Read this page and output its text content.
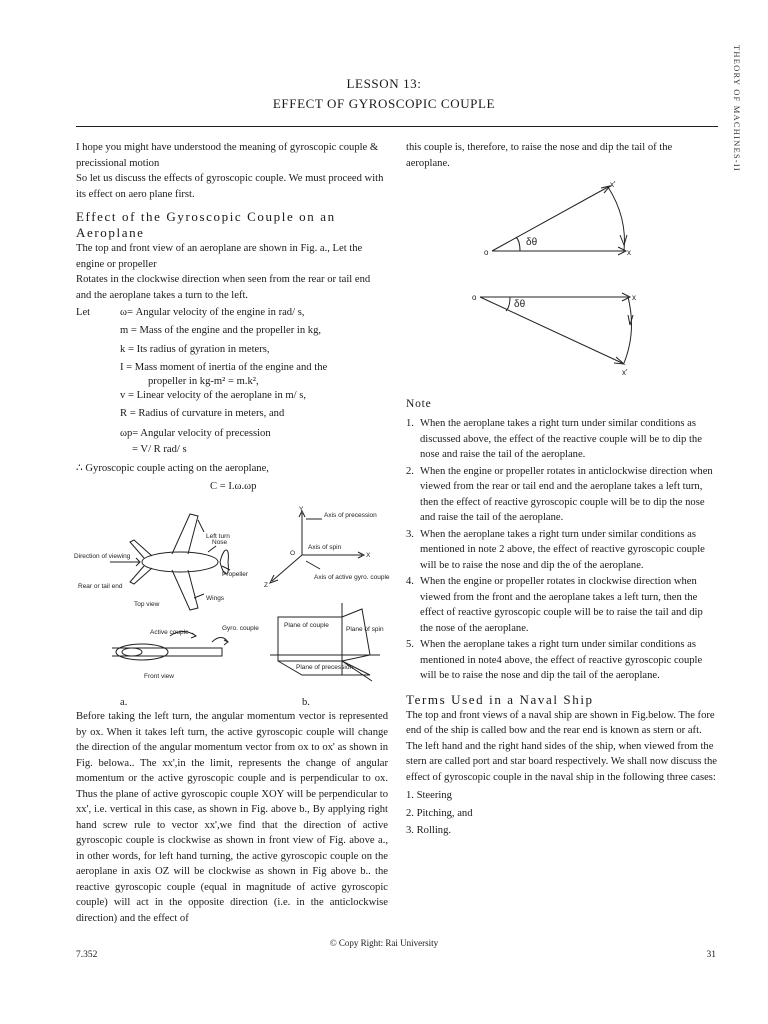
THEORY OF MACHINES-II
LESSON 13:
EFFECT OF GYROSCOPIC COUPLE

I hope you might have understood the meaning of gyroscopic couple & precissional motion

So let us discuss the effects of gyroscopic couple. We must proceed with its effect on aero plane first.

Effect of the Gyroscopic Couple on an Aeroplane

The top and front view of an aeroplane are shown in Fig. a., Let the engine or propeller

Rotates in the clockwise direction when seen from the rear or tail end and the aeroplane takes a turn to the left.

Let	ω= Angular velocity of the engine in rad/ s,
m = Mass of the engine and the propeller in kg,
k = Its radius of gyration in meters,
I = Mass moment of inertia of the engine and the
propeller in kg-m² = m.k²,
v = Linear velocity of the aeroplane in m/ s,
R = Radius of curvature in meters, and
ωp= Angular velocity of precession
= V/ R rad/ s
∴ Gyroscopic couple acting on the aeroplane,
C = I.ω.ωp
Left turn
Direction of viewing
Nose
Propeller
Rear or tail end
Wings
Top view
Active couple
Gyro. couple
Front view
Y
Axis of precession
O
Axis of spin
X
Z
Axis of active gyro. couple
Plane of couple
Plane of spin
Plane of precession
a.	b.

Before taking the left turn, the angular momentum vector is represented by ox. When it takes left turn, the active gyroscopic couple will change the direction of the angular momentum vector from ox to ox' as shown in Fig. belowa.. The xx',in the limit, represents the change of angular momentum or the active gyroscopic couple and is perpendicular to ox. Thus the plane of active gyroscopic couple XOY will be perpendicular to xx', i.e. vertical in this case, as shown in Fig. above b., By applying right hand screw rule to vector xx',we find that the direction of active gyroscopic couple is clockwise as shown in front view of Fig. above a., in other words, for left hand turning, the active gyroscopic couple on the aeroplane in axis OZ will be clockwise as shown in Fig above b.. the reactive gyroscopic couple (equal in magnitude of active gyroscopic couple) will act in the opposite direction (i.e. in the anticlockwise direction) and the effect of

this couple is, therefore, to raise the nose and dip the tail of the aeroplane.

o	x
x'
δθ
o	x
x'
δθ
Note
1. When the aeroplane takes a right turn under similar conditions as discussed above, the effect of the reactive couple will be to dip the nose and raise the tail of the aeroplane.
2. When the engine or propeller rotates in anticlockwise direction when viewed from the rear or tail end and the aeroplane takes a left turn, then the effect of reactive gyroscopic couple will be to dip the nose and raise the tail of the aeroplane.
3. When the aeroplane takes a right turn under similar conditions as mentioned in note 2 above, the effect of reactive gyroscopic couple will be to raise the nose and dip the of the aeroplane.
4. When the engine or propeller rotates in clockwise direction when viewed from the front and the aeroplane takes a left turn, then the effect of reactive gyroscopic couple will be to raise the tail and dip the nose of the aeroplane.
5. When the aeroplane takes a right turn under similar conditions as mentioned in note4 above, the effect of reactive gyroscopic couple will be to raise the nose and dip the tail of the aeroplane.
Terms Used in a Naval Ship

The top and front views of a naval ship are shown in Fig.below. The fore end of the ship is called bow and the rear end is known as stern or aft. The left hand and the right hand sides of the ship, when viewed from the stern are called port and star board respectively. We shall now discuss the effect of gyroscopic couple in the naval ship in the following three cases:

1. Steering
2. Pitching, and
3. Rolling.
© Copy Right: Rai University
7.352	31
